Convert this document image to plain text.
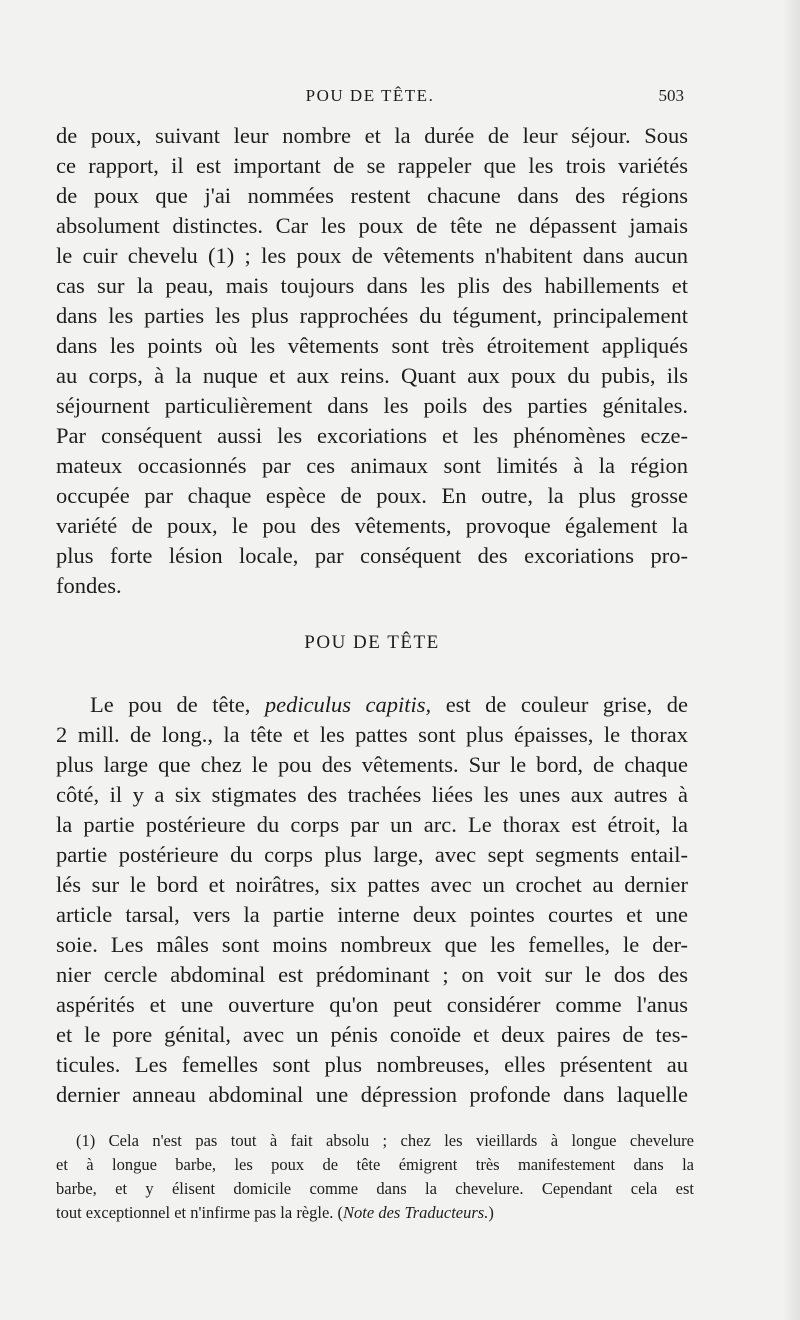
POU DE TÊTE.	503
de poux, suivant leur nombre et la durée de leur séjour. Sous
ce rapport, il est important de se rappeler que les trois variétés
de poux que j'ai nommées restent chacune dans des régions
absolument distinctes. Car les poux de tête ne dépassent jamais
le cuir chevelu (1) ; les poux de vêtements n'habitent dans aucun
cas sur la peau, mais toujours dans les plis des habillements et
dans les parties les plus rapprochées du tégument, principalement
dans les points où les vêtements sont très étroitement appliqués
au corps, à la nuque et aux reins. Quant aux poux du pubis, ils
séjournent particulièrement dans les poils des parties génitales.
Par conséquent aussi les excoriations et les phénomènes ecze-
mateux occasionnés par ces animaux sont limités à la région
occupée par chaque espèce de poux. En outre, la plus grosse
variété de poux, le pou des vêtements, provoque également la
plus forte lésion locale, par conséquent des excoriations pro-
fondes.
POU DE TÊTE
Le pou de tête, pediculus capitis, est de couleur grise, de
2 mill. de long., la tête et les pattes sont plus épaisses, le thorax
plus large que chez le pou des vêtements. Sur le bord, de chaque
côté, il y a six stigmates des trachées liées les unes aux autres à
la partie postérieure du corps par un arc. Le thorax est étroit, la
partie postérieure du corps plus large, avec sept segments entail-
lés sur le bord et noirâtres, six pattes avec un crochet au dernier
article tarsal, vers la partie interne deux pointes courtes et une
soie. Les mâles sont moins nombreux que les femelles, le der-
nier cercle abdominal est prédominant ; on voit sur le dos des
aspérités et une ouverture qu'on peut considérer comme l'anus
et le pore génital, avec un pénis conoïde et deux paires de tes-
ticules. Les femelles sont plus nombreuses, elles présentent au
dernier anneau abdominal une dépression profonde dans laquelle
(1) Cela n'est pas tout à fait absolu ; chez les vieillards à longue chevelure
et à longue barbe, les poux de tête émigrent très manifestement dans la
barbe, et y élisent domicile comme dans la chevelure. Cependant cela est
tout exceptionnel et n'infirme pas la règle. (Note des Traducteurs.)
